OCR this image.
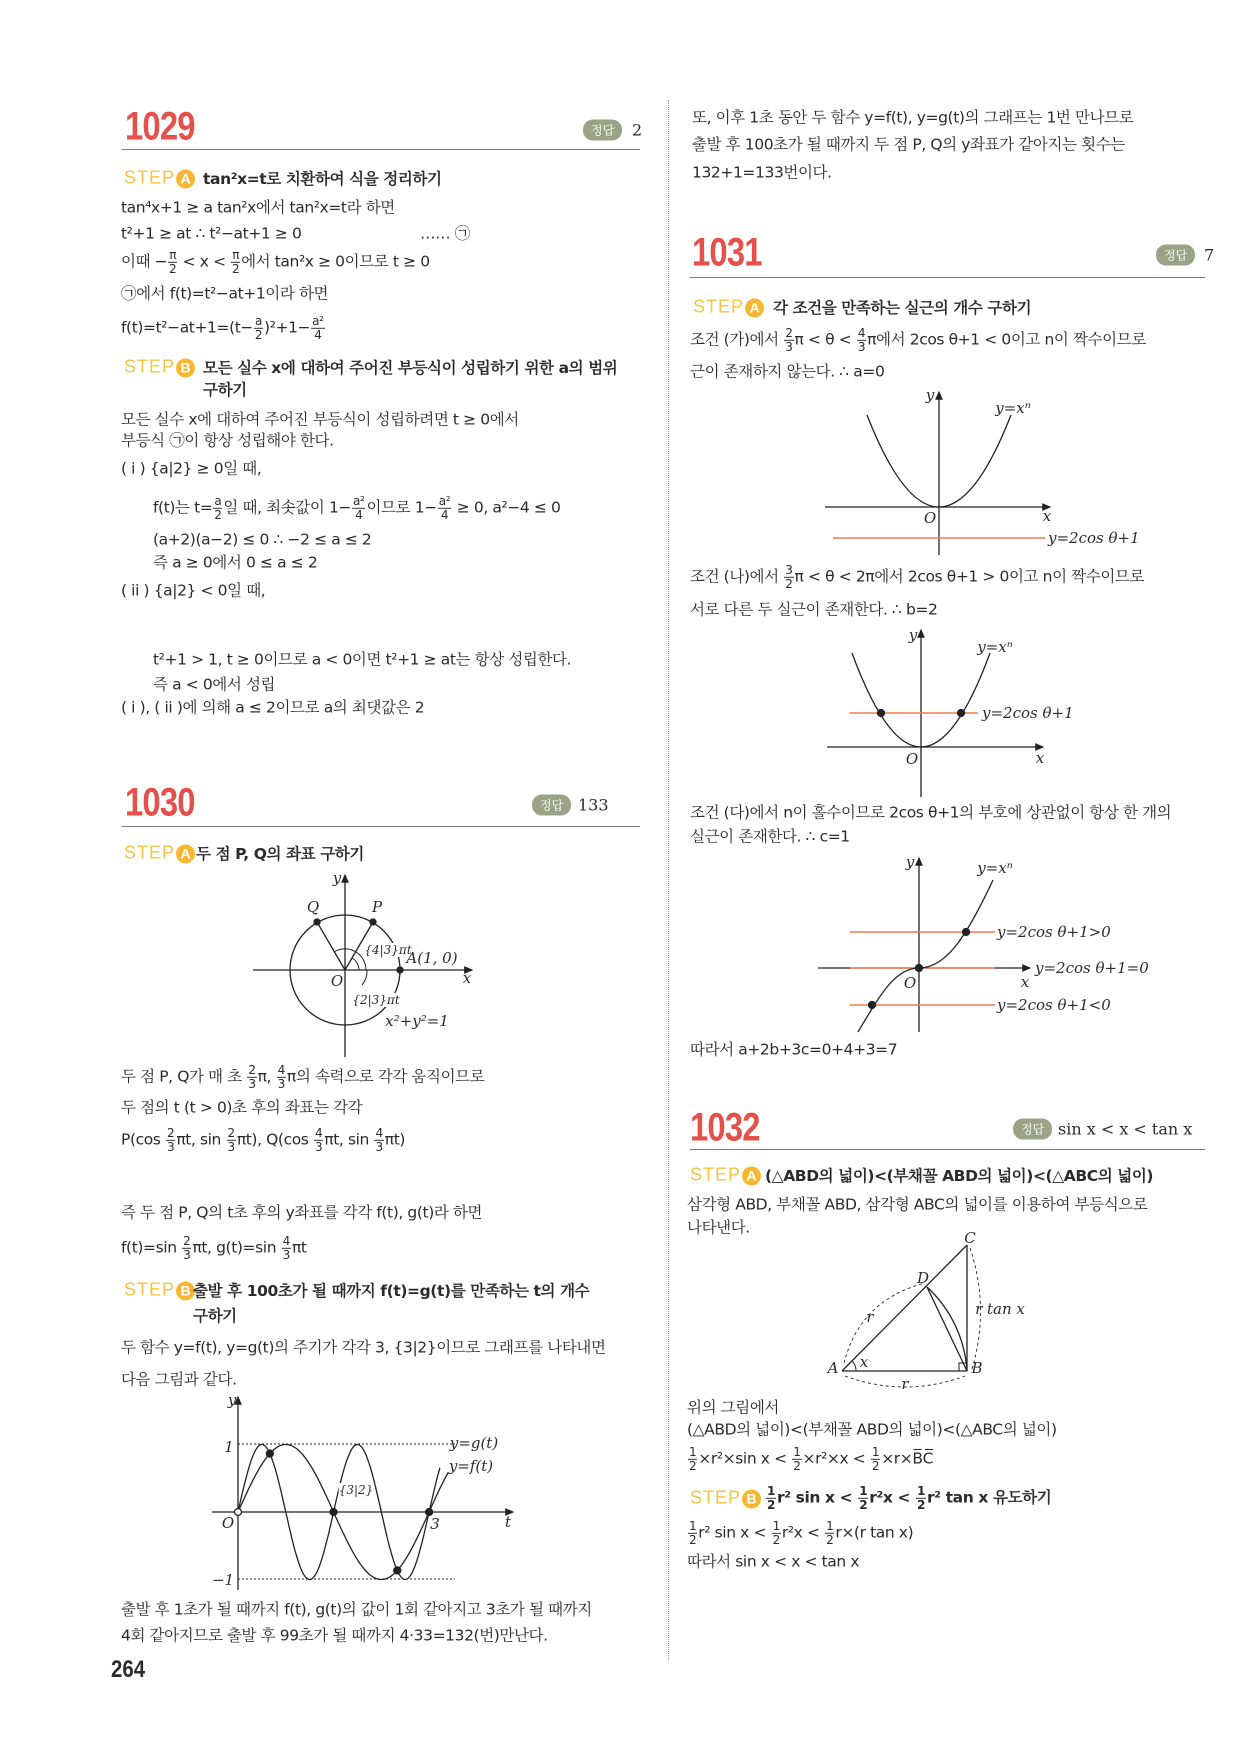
264
1029	정답	2
STEP A tan²x=t로 치환하여 식을 정리하기
tan⁴x+1 ≥ a tan²x에서 tan²x=t라 하면
t²+1 ≥ at ∴ t²−at+1 ≥ 0	…… ㉠
이때 − $\frac{\pi}{2} < x < \frac{\pi}{2}$ 에서 tan²x ≥ 0이므로 t ≥ 0
㉠에서 f(t)=t²−at+1이라 하면
$f(t)=t^2-at+1=(t- \frac{a}{2} )^2+1- \frac{\text{a²}}{4}$
STEP B 모든 실수 x에 대하여 주어진 부등식이 성립하기 위한 a의 범위
구하기
모든 실수 x에 대하여 주어진 부등식이 성립하려면 t ≥ 0에서
부등식 ㉠이 항상 성립해야 한다.
( i ) {a|2} ≥ 0일 때,
f(t)는 $t= \frac{a}{2}$ 일 때, 최솟값이 $1- \frac{\text{a²}}{4}$ 이므로 $1- \frac{\text{a²}}{4} \ge 0$, a²−4 ≤ 0
(a+2)(a−2) ≤ 0 ∴ −2 ≤ a ≤ 2
즉 a ≥ 0에서 0 ≤ a ≤ 2
( ii ) {a|2} < 0일 때,
t²+1 > 1, t ≥ 0이므로 a < 0이면 t²+1 ≥ at는 항상 성립한다.
즉 a < 0에서 성립
( i ), ( ii )에 의해 a ≤ 2이므로 a의 최댓값은 2
1030	정답 133
STEP A 두 점 P, Q의 좌표 구하기
y
Q	P
{4|3}πt
A(1, 0)
x
O
{2|3}πt
x²+y²=1
두 점 P, Q가 매 초 $\frac{2}{3} \pi$, $\frac{4}{3}$ π의 속력으로 각각 움직이므로
두 점의 t (t > 0)초 후의 좌표는 각각
$P(\cos \frac{2}{3} \pi t$, $\sin \frac{2}{3} \pi t$), $Q(\cos \frac{4}{3} \pi t$, $\sin \frac{4}{3} \pi t$)
즉 두 점 P, Q의 t초 후의 y좌표를 각각 f(t), g(t)라 하면
$f(t)=\sin \frac{2}{3} \pi t$, $g(t)=\sin \frac{4}{3}$ πt
STEP B 출발 후 100초가 될 때까지 f(t)=g(t)를 만족하는 t의 개수
구하기
두 함수 y=f(t), y=g(t)의 주기가 각각 3, {3|2}이므로 그래프를 나타내면
다음 그림과 같다.
y
1	y=g(t)
y=f(t)
{3|2}
O	3	t
−1
출발 후 1초가 될 때까지 f(t), g(t)의 값이 1회 같아지고 3초가 될 때까지
4회 같아지므로 출발 후 99초가 될 때까지 4·33=132(번)만난다.
또, 이후 1초 동안 두 함수 y=f(t), y=g(t)의 그래프는 1번 만나므로
출발 후 100초가 될 때까지 두 점 P, Q의 y좌표가 같아지는 횟수는
132+1=133번이다.
1031	정답	7
STEP A 각 조건을 만족하는 실근의 개수 구하기
조건 (가)에서 $\frac{2}{3}$ $\pi < \theta < \frac{4}{3}$ π에서 2cos θ+1 < 0이고 n이 짝수이므로
근이 존재하지 않는다. ∴ a=0
y
y=xⁿ
O	x
y=2cos θ+1
조건 (나)에서 $\frac{3}{2}$ π < θ < 2π에서 2cos θ+1 > 0이고 n이 짝수이므로
서로 다른 두 실근이 존재한다. ∴ b=2
y
y=xⁿ
y=2cos θ+1
O	x
조건 (다)에서 n이 홀수이므로 2cos θ+1의 부호에 상관없이 항상 한 개의
실근이 존재한다. ∴ c=1
y	y=xⁿ
y=2cos θ+1>0
y=2cos θ+1=0
O	x
y=2cos θ+1<0
따라서 a+2b+3c=0+4+3=7
1032	정답 sin x < x < tan x
STEP A (△ABD의 넓이)<(부채꼴 ABD의 넓이)<(△ABC의 넓이)
삼각형 ABD, 부채꼴 ABD, 삼각형 ABC의 넓이를 이용하여 부등식으로
나타낸다.
C
D
r tan x
r
x
A	B
r
위의 그림에서
(△ABD의 넓이)<(부채꼴 ABD의 넓이)<(△ABC의 넓이)
$\frac{1}{2} \times r^2\times\sin$ $x < \frac{1}{2} \times r^2\times x < \frac{1}{2}$ ×r×B̅C̅
STEP B $\frac{1}{2} r^2$ $\sin x < \frac{1}{2} r^2x < \frac{1}{2} r^2$ tan x 유도하기
$\frac{1}{2} r^2$ $\sin x < \frac{1}{2} r^2x < \frac{1}{2} r\times(r$ tan x)
따라서 sin x < x < tan x
